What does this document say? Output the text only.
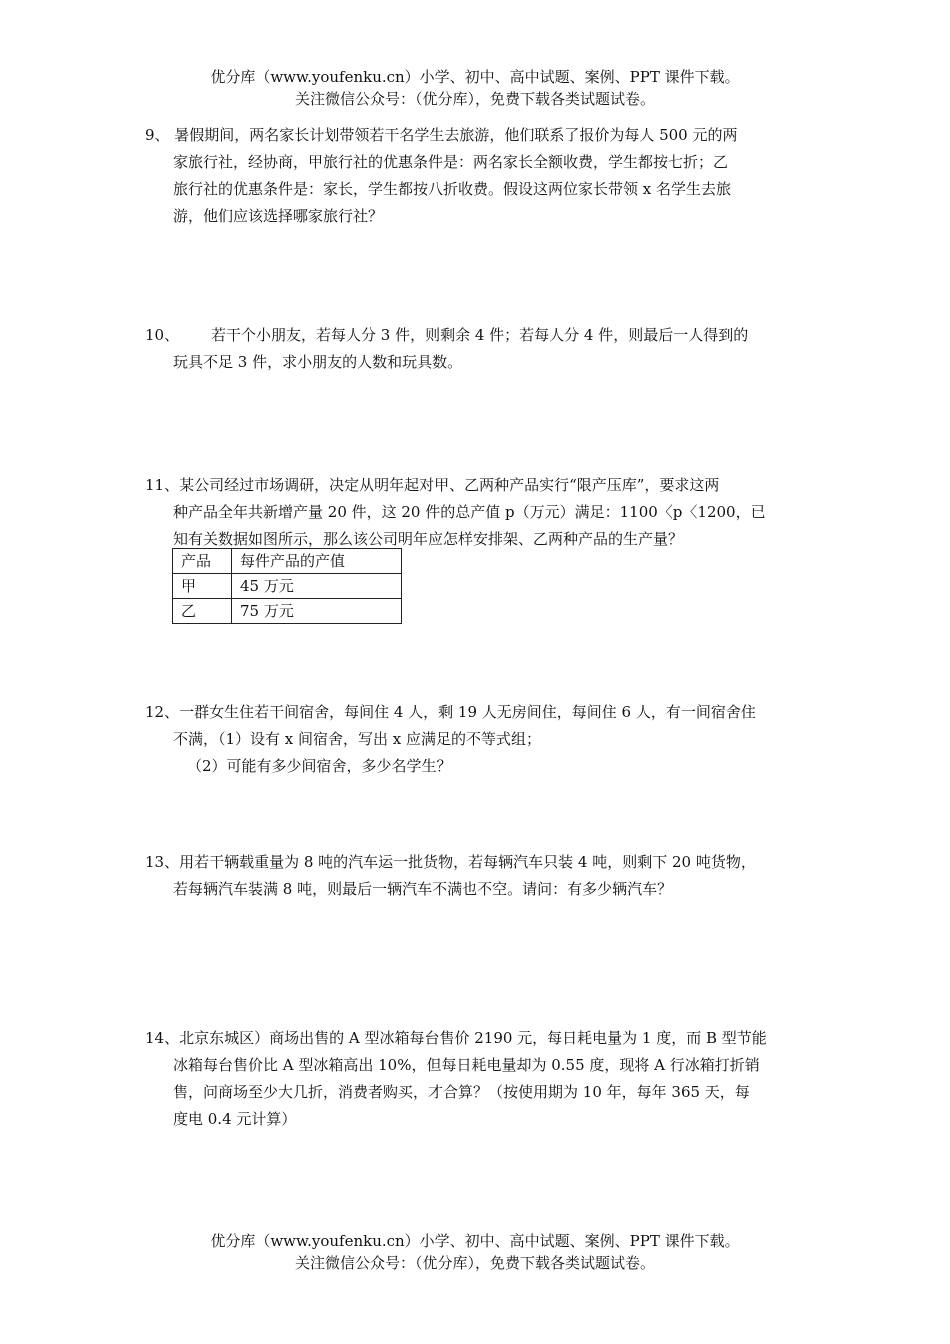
优分库（www.youfenku.cn）小学、初中、高中试题、案例、PPT 课件下载。

关注微信公众号：（优分库），免费下载各类试题试卷。

9、 暑假期间，两名家长计划带领若干名学生去旅游，他们联系了报价为每人 500 元的两

家旅行社，经协商，甲旅行社的优惠条件是：两名家长全额收费，学生都按七折；乙

旅行社的优惠条件是：家长，学生都按八折收费。假设这两位家长带领 x 名学生去旅

游，他们应该选择哪家旅行社？

10、 若干个小朋友，若每人分 3 件，则剩余 4 件；若每人分 4 件，则最后一人得到的

玩具不足 3 件，求小朋友的人数和玩具数。

11、某公司经过市场调研，决定从明年起对甲、乙两种产品实行“限产压库”，要求这两

种产品全年共新增产量 20 件，这 20 件的总产值 p（万元）满足：1100〈p〈1200，已

知有关数据如图所示，那么该公司明年应怎样安排架、乙两种产品的生产量？

产品	每件产品的产值
甲	45 万元
乙	75 万元

12、一群女生住若干间宿舍，每间住 4 人，剩 19 人无房间住，每间住 6 人，有一间宿舍住

不满，（1）设有 x 间宿舍，写出 x 应满足的不等式组；

（2）可能有多少间宿舍，多少名学生？

13、用若干辆载重量为 8 吨的汽车运一批货物，若每辆汽车只装 4 吨，则剩下 20 吨货物，

若每辆汽车装满 8 吨，则最后一辆汽车不满也不空。请问：有多少辆汽车？

14、北京东城区）商场出售的 A 型冰箱每台售价 2190 元，每日耗电量为 1 度，而 B 型节能

冰箱每台售价比 A 型冰箱高出 10%，但每日耗电量却为 0.55 度，现将 A 行冰箱打折销

售，问商场至少大几折，消费者购买，才合算？（按使用期为 10 年，每年 365 天，每

度电 0.4 元计算）

优分库（www.youfenku.cn）小学、初中、高中试题、案例、PPT 课件下载。

关注微信公众号：（优分库），免费下载各类试题试卷。
